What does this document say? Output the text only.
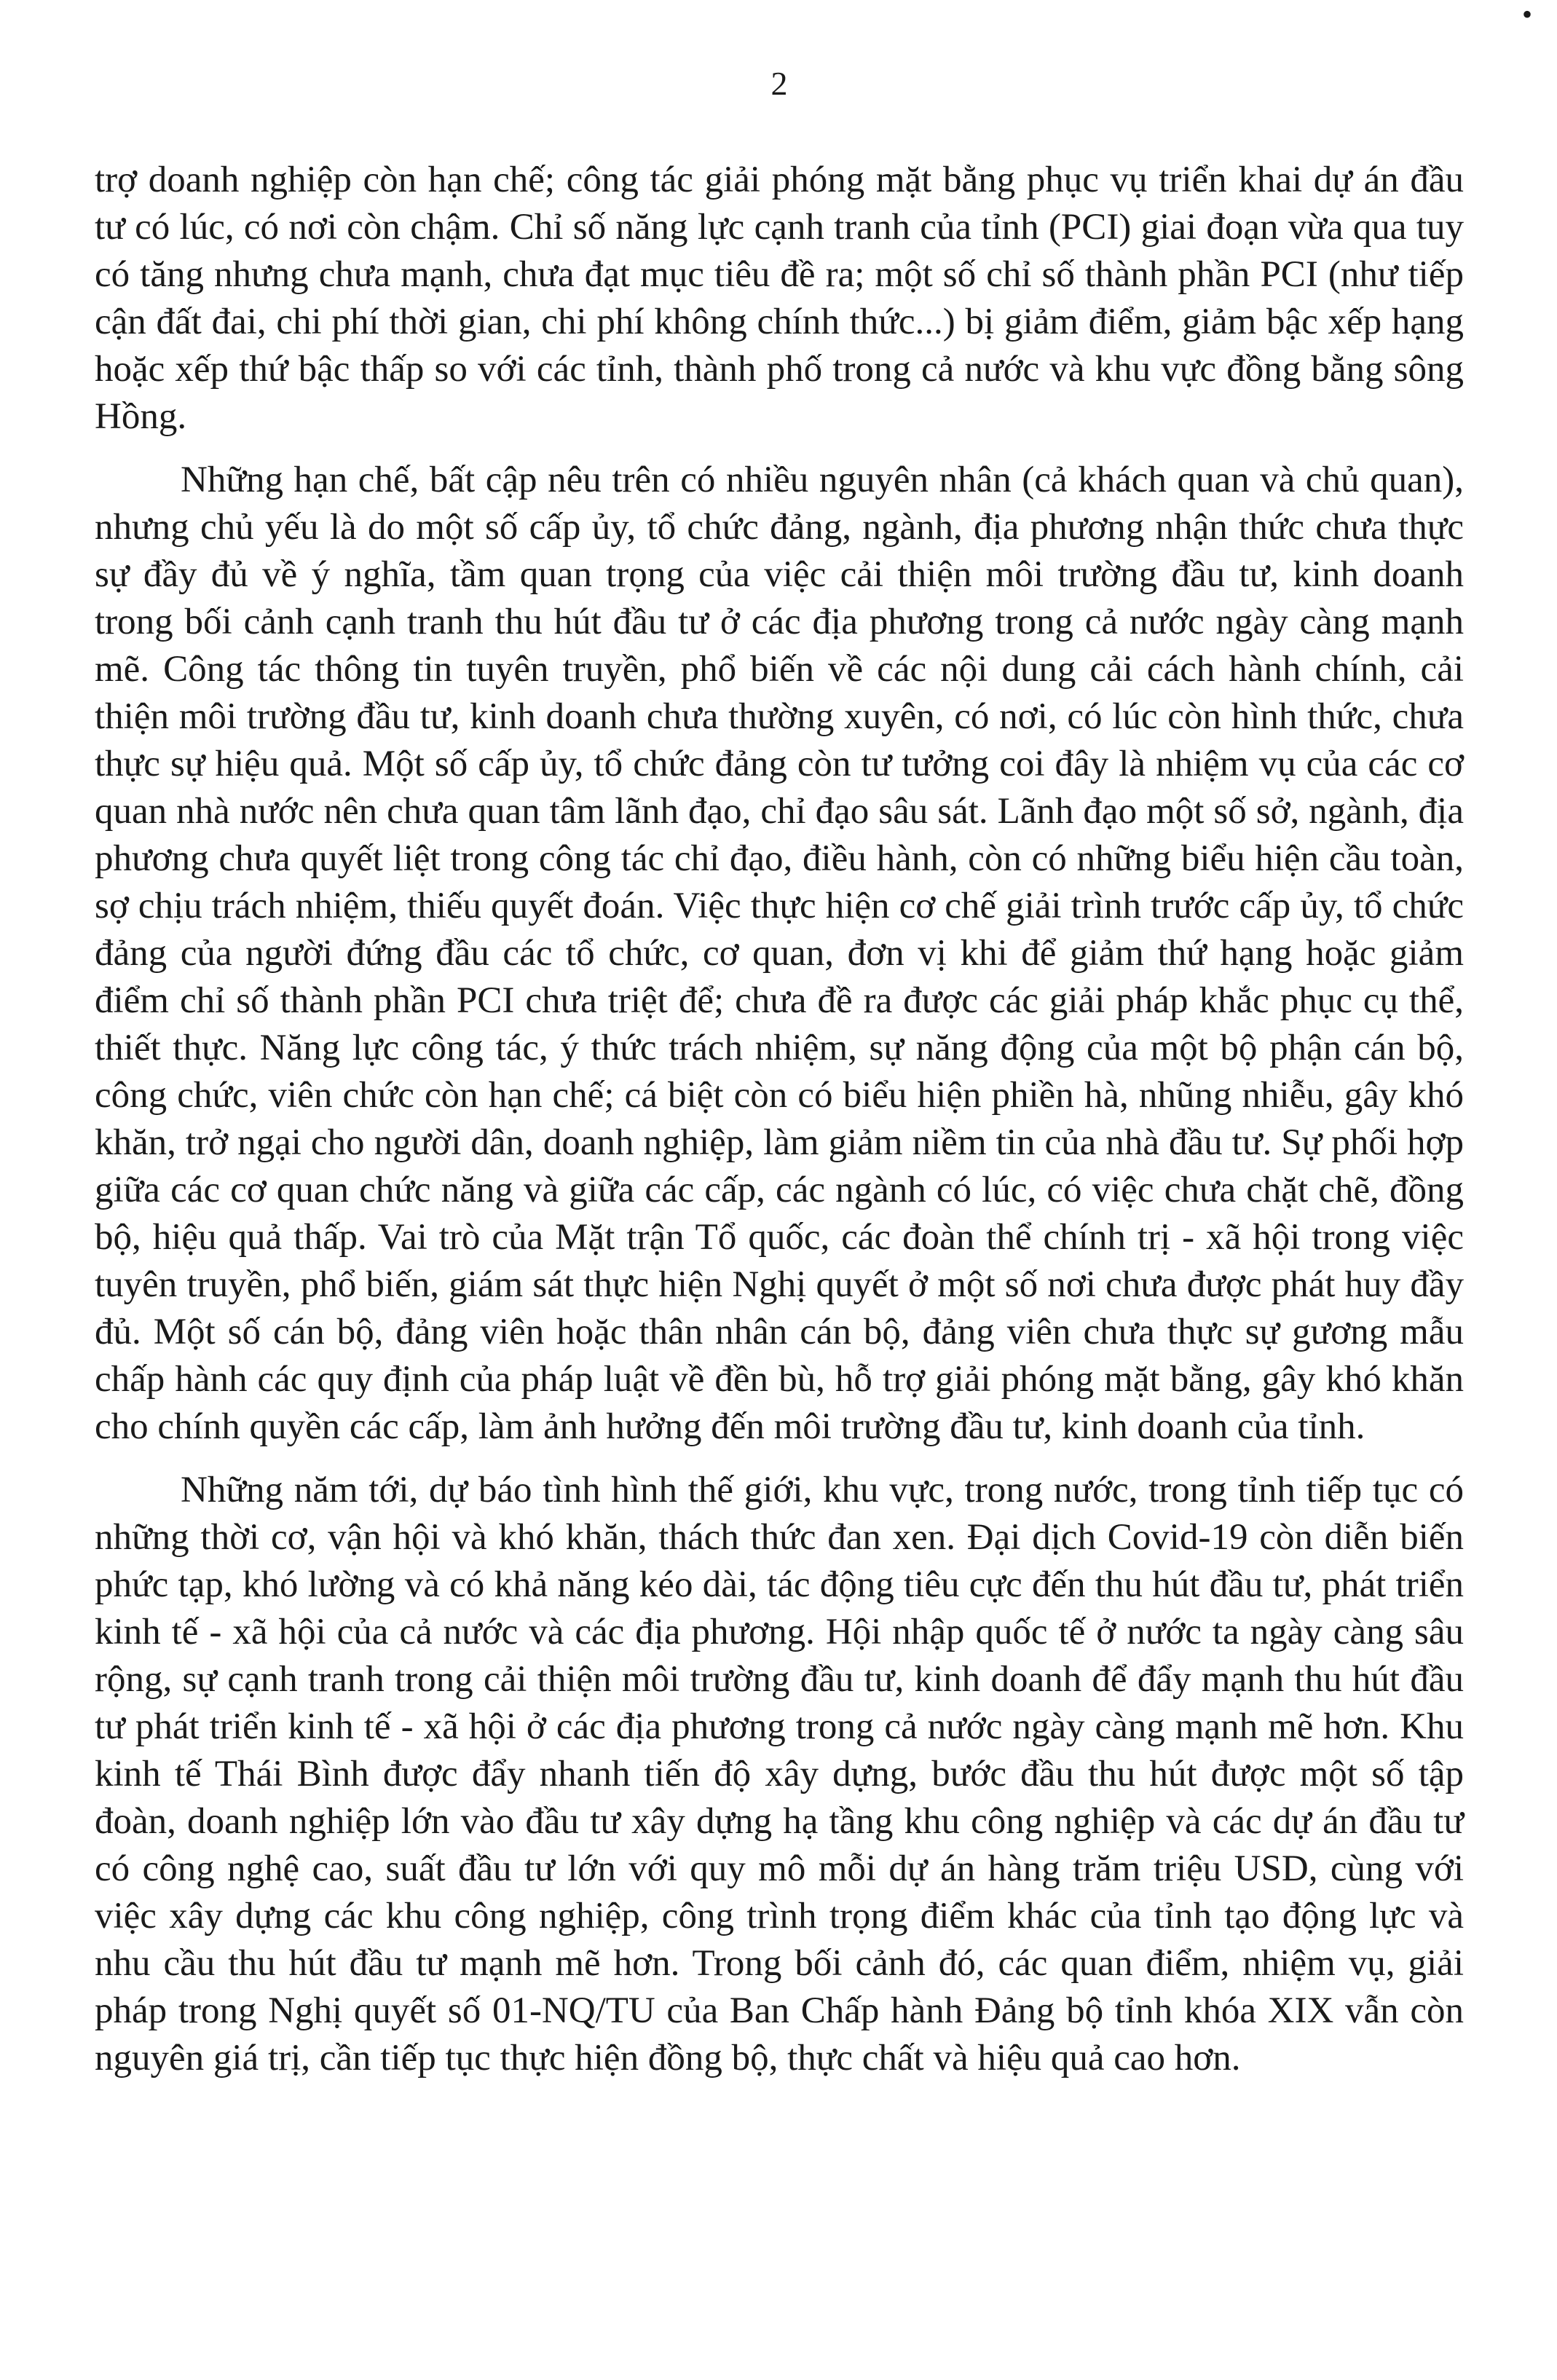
•
2

trợ doanh nghiệp còn hạn chế; công tác giải phóng mặt bằng phục vụ triển khai dự án đầu tư có lúc, có nơi còn chậm. Chỉ số năng lực cạnh tranh của tỉnh (PCI) giai đoạn vừa qua tuy có tăng nhưng chưa mạnh, chưa đạt mục tiêu đề ra; một số chỉ số thành phần PCI (như tiếp cận đất đai, chi phí thời gian, chi phí không chính thức...) bị giảm điểm, giảm bậc xếp hạng hoặc xếp thứ bậc thấp so với các tỉnh, thành phố trong cả nước và khu vực đồng bằng sông Hồng.

Những hạn chế, bất cập nêu trên có nhiều nguyên nhân (cả khách quan và chủ quan), nhưng chủ yếu là do một số cấp ủy, tổ chức đảng, ngành, địa phương nhận thức chưa thực sự đầy đủ về ý nghĩa, tầm quan trọng của việc cải thiện môi trường đầu tư, kinh doanh trong bối cảnh cạnh tranh thu hút đầu tư ở các địa phương trong cả nước ngày càng mạnh mẽ. Công tác thông tin tuyên truyền, phổ biến về các nội dung cải cách hành chính, cải thiện môi trường đầu tư, kinh doanh chưa thường xuyên, có nơi, có lúc còn hình thức, chưa thực sự hiệu quả. Một số cấp ủy, tổ chức đảng còn tư tưởng coi đây là nhiệm vụ của các cơ quan nhà nước nên chưa quan tâm lãnh đạo, chỉ đạo sâu sát. Lãnh đạo một số sở, ngành, địa phương chưa quyết liệt trong công tác chỉ đạo, điều hành, còn có những biểu hiện cầu toàn, sợ chịu trách nhiệm, thiếu quyết đoán. Việc thực hiện cơ chế giải trình trước cấp ủy, tổ chức đảng của người đứng đầu các tổ chức, cơ quan, đơn vị khi để giảm thứ hạng hoặc giảm điểm chỉ số thành phần PCI chưa triệt để; chưa đề ra được các giải pháp khắc phục cụ thể, thiết thực. Năng lực công tác, ý thức trách nhiệm, sự năng động của một bộ phận cán bộ, công chức, viên chức còn hạn chế; cá biệt còn có biểu hiện phiền hà, nhũng nhiễu, gây khó khăn, trở ngại cho người dân, doanh nghiệp, làm giảm niềm tin của nhà đầu tư. Sự phối hợp giữa các cơ quan chức năng và giữa các cấp, các ngành có lúc, có việc chưa chặt chẽ, đồng bộ, hiệu quả thấp. Vai trò của Mặt trận Tổ quốc, các đoàn thể chính trị - xã hội trong việc tuyên truyền, phổ biến, giám sát thực hiện Nghị quyết ở một số nơi chưa được phát huy đầy đủ. Một số cán bộ, đảng viên hoặc thân nhân cán bộ, đảng viên chưa thực sự gương mẫu chấp hành các quy định của pháp luật về đền bù, hỗ trợ giải phóng mặt bằng, gây khó khăn cho chính quyền các cấp, làm ảnh hưởng đến môi trường đầu tư, kinh doanh của tỉnh.

Những năm tới, dự báo tình hình thế giới, khu vực, trong nước, trong tỉnh tiếp tục có những thời cơ, vận hội và khó khăn, thách thức đan xen. Đại dịch Covid-19 còn diễn biến phức tạp, khó lường và có khả năng kéo dài, tác động tiêu cực đến thu hút đầu tư, phát triển kinh tế - xã hội của cả nước và các địa phương. Hội nhập quốc tế ở nước ta ngày càng sâu rộng, sự cạnh tranh trong cải thiện môi trường đầu tư, kinh doanh để đẩy mạnh thu hút đầu tư phát triển kinh tế - xã hội ở các địa phương trong cả nước ngày càng mạnh mẽ hơn. Khu kinh tế Thái Bình được đẩy nhanh tiến độ xây dựng, bước đầu thu hút được một số tập đoàn, doanh nghiệp lớn vào đầu tư xây dựng hạ tầng khu công nghiệp và các dự án đầu tư có công nghệ cao, suất đầu tư lớn với quy mô mỗi dự án hàng trăm triệu USD, cùng với việc xây dựng các khu công nghiệp, công trình trọng điểm khác của tỉnh tạo động lực và nhu cầu thu hút đầu tư mạnh mẽ hơn. Trong bối cảnh đó, các quan điểm, nhiệm vụ, giải pháp trong Nghị quyết số 01-NQ/TU của Ban Chấp hành Đảng bộ tỉnh khóa XIX vẫn còn nguyên giá trị, cần tiếp tục thực hiện đồng bộ, thực chất và hiệu quả cao hơn.
